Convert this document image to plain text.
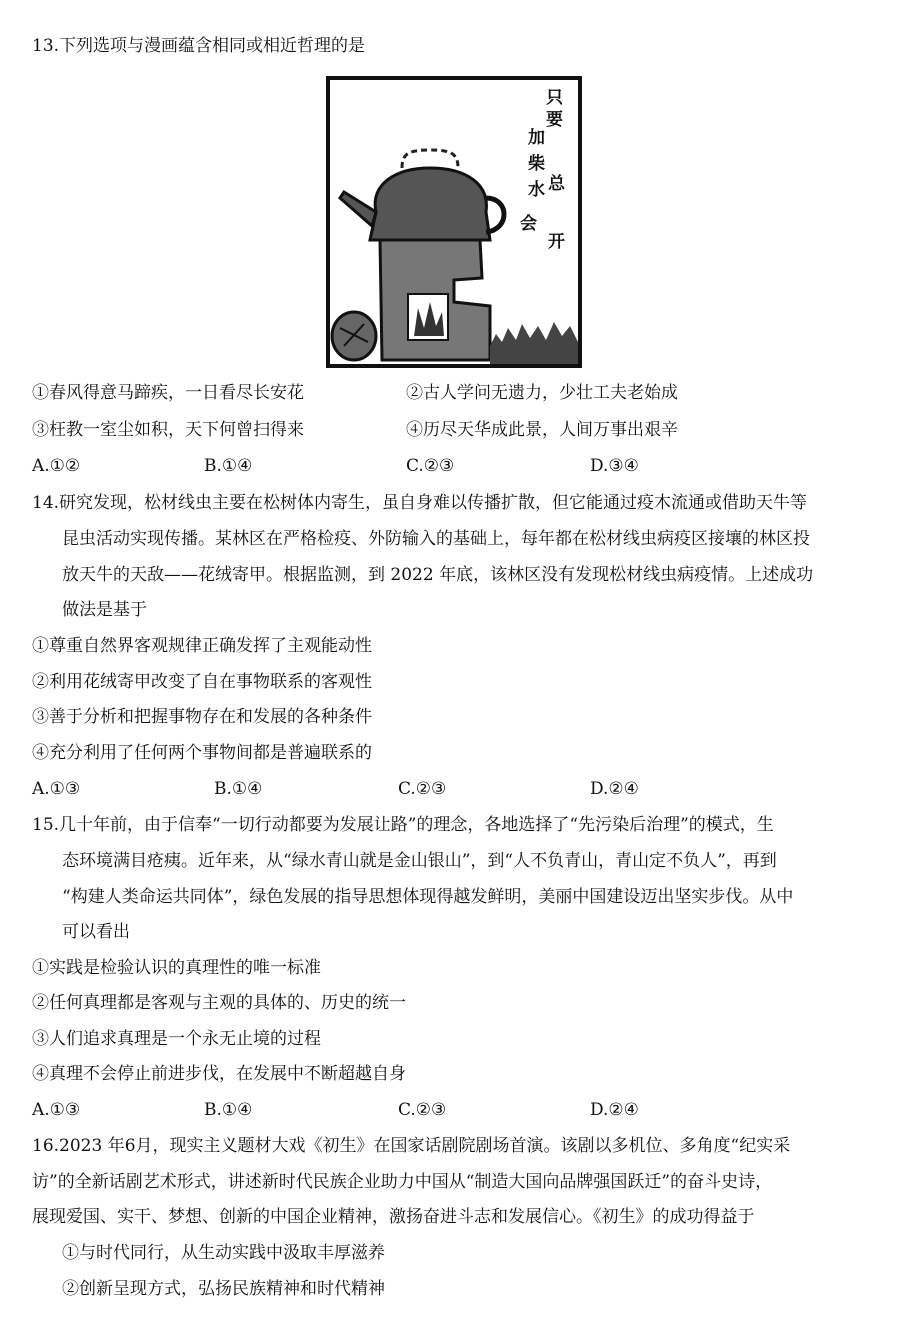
13.下列选项与漫画蕴含相同或相近哲理的是
只
要
加
柴
水 总
会
开
①春风得意马蹄疾，一日看尽长安花	②古人学问无遗力，少壮工夫老始成
③枉教一室尘如积，天下何曾扫得来	④历尽天华成此景，人间万事出艰辛
A.①②	B.①④	C.②③	D.③④
14.研究发现，松材线虫主要在松树体内寄生，虽自身难以传播扩散，但它能通过疫木流通或借助天牛等
昆虫活动实现传播。某林区在严格检疫、外防输入的基础上，每年都在松材线虫病疫区接壤的林区投
放天牛的天敌——花绒寄甲。根据监测，到 2022 年底，该林区没有发现松材线虫病疫情。上述成功
做法是基于
①尊重自然界客观规律正确发挥了主观能动性
②利用花绒寄甲改变了自在事物联系的客观性
③善于分析和把握事物存在和发展的各种条件
④充分利用了任何两个事物间都是普遍联系的
A.①③	B.①④	C.②③	D.②④
15.几十年前，由于信奉“一切行动都要为发展让路”的理念，各地选择了“先污染后治理”的模式，生
态环境满目疮痍。近年来，从“绿水青山就是金山银山”，到“人不负青山，青山定不负人”，再到
“构建人类命运共同体”，绿色发展的指导思想体现得越发鲜明，美丽中国建设迈出坚实步伐。从中
可以看出
①实践是检验认识的真理性的唯一标准
②任何真理都是客观与主观的具体的、历史的统一
③人们追求真理是一个永无止境的过程
④真理不会停止前进步伐，在发展中不断超越自身
A.①③	B.①④	C.②③	D.②④
16.2023 年6月，现实主义题材大戏《初生》在国家话剧院剧场首演。该剧以多机位、多角度“纪实采
访”的全新话剧艺术形式，讲述新时代民族企业助力中国从“制造大国向品牌强国跃迁”的奋斗史诗，
展现爱国、实干、梦想、创新的中国企业精神，激扬奋进斗志和发展信心。《初生》的成功得益于
①与时代同行，从生动实践中汲取丰厚滋养
②创新呈现方式，弘扬民族精神和时代精神
